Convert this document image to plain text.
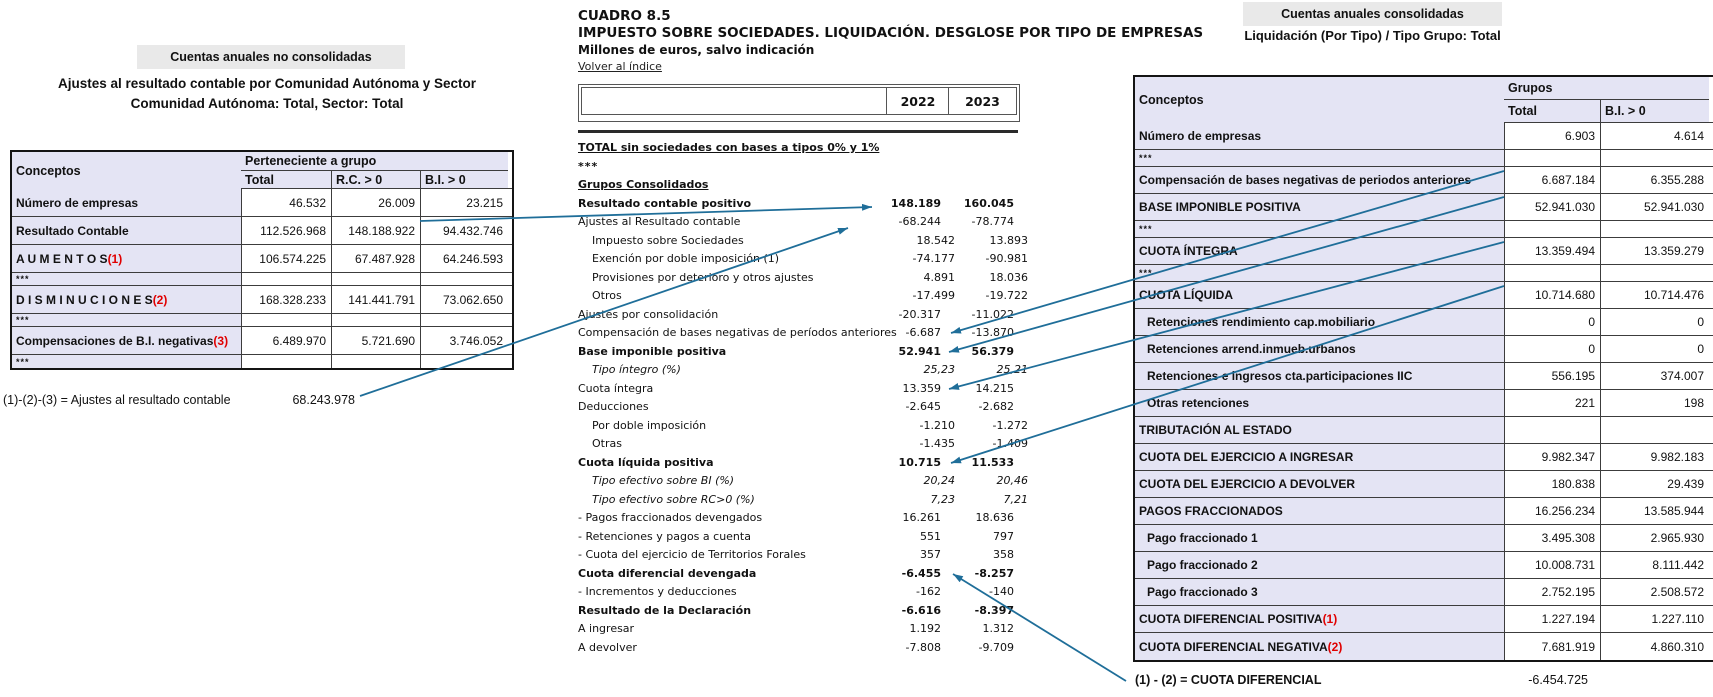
Cuentas anuales no consolidadas
Ajustes al resultado contable por Comunidad Autónoma y Sector
Comunidad Autónoma: Total, Sector: Total
Conceptos
Perteneciente a grupo
Total	R.C. > 0	B.I. > 0
Número de empresas	46.532	26.009	23.215
Resultado Contable	112.526.968	148.188.922	94.432.746
A U M E N T O S (1)	106.574.225	67.487.928	64.246.593
***
D I S M I N U C I O N E S (2)	168.328.233	141.441.791	73.062.650
***
Compensaciones de B.I. negativas (3)	6.489.970	5.721.690	3.746.052
***
(1)-(2)-(3) = Ajustes al resultado contable	68.243.978
CUADRO 8.5
IMPUESTO SOBRE SOCIEDADES. LIQUIDACIÓN. DESGLOSE POR TIPO DE EMPRESAS
Millones de euros, salvo indicación
Volver al índice
2022	2023
TOTAL sin sociedades con bases a tipos 0% y 1%
***
Grupos Consolidados
Resultado contable positivo	148.189 160.045
Ajustes al Resultado contable	-68.244	-78.774
Impuesto sobre Sociedades	18.542	13.893
Exención por doble imposición (1)	-74.177	-90.981
Provisiones por deterioro y otros ajustes	4.891	18.036
Otros	-17.499	-19.722
Ajustes por consolidación	-20.317	-11.022
Compensación de bases negativas de períodos anteriores -6.687	-13.870
Base imponible positiva	52.941	56.379
Tipo íntegro (%)	25,23	25,21
Cuota íntegra	13.359	14.215
Deducciones	-2.645	-2.682
Por doble imposición	-1.210	-1.272
Otras	-1.435	-1.409
Cuota líquida positiva	10.715	11.533
Tipo efectivo sobre BI (%)	20,24	20,46
Tipo efectivo sobre RC>0 (%)	7,23	7,21
- Pagos fraccionados devengados	16.261	18.636
- Retenciones y pagos a cuenta	551	797
- Cuota del ejercicio de Territorios Forales	357	358
Cuota diferencial devengada	-6.455	-8.257
- Incrementos y deducciones	-162	-140
Resultado de la Declaración	-6.616	-8.397
A ingresar	1.192	1.312
A devolver	-7.808	-9.709
Cuentas anuales consolidadas
Liquidación (Por Tipo) / Tipo Grupo: Total
Conceptos
Grupos
Total	B.I. > 0
Número de empresas	6.903	4.614
***
Compensación de bases negativas de periodos anteriores	6.687.184	6.355.288
BASE IMPONIBLE POSITIVA	52.941.030	52.941.030
***
CUOTA ÍNTEGRA	13.359.494	13.359.279
***
CUOTA LÍQUIDA	10.714.680	10.714.476
Retenciones rendimiento cap.mobiliario	0	0
Retenciones arrend.inmueb.urbanos	0	0
Retenciones e ingresos cta.participaciones IIC	556.195	374.007
Otras retenciones	221	198
TRIBUTACIÓN AL ESTADO
CUOTA DEL EJERCICIO A INGRESAR	9.982.347	9.982.183
CUOTA DEL EJERCICIO A DEVOLVER	180.838	29.439
PAGOS FRACCIONADOS	16.256.234	13.585.944
Pago fraccionado 1	3.495.308	2.965.930
Pago fraccionado 2	10.008.731	8.111.442
Pago fraccionado 3	2.752.195	2.508.572
CUOTA DIFERENCIAL POSITIVA (1)	1.227.194	1.227.110
CUOTA DIFERENCIAL NEGATIVA (2)	7.681.919	4.860.310
(1) - (2) = CUOTA DIFERENCIAL	-6.454.725
